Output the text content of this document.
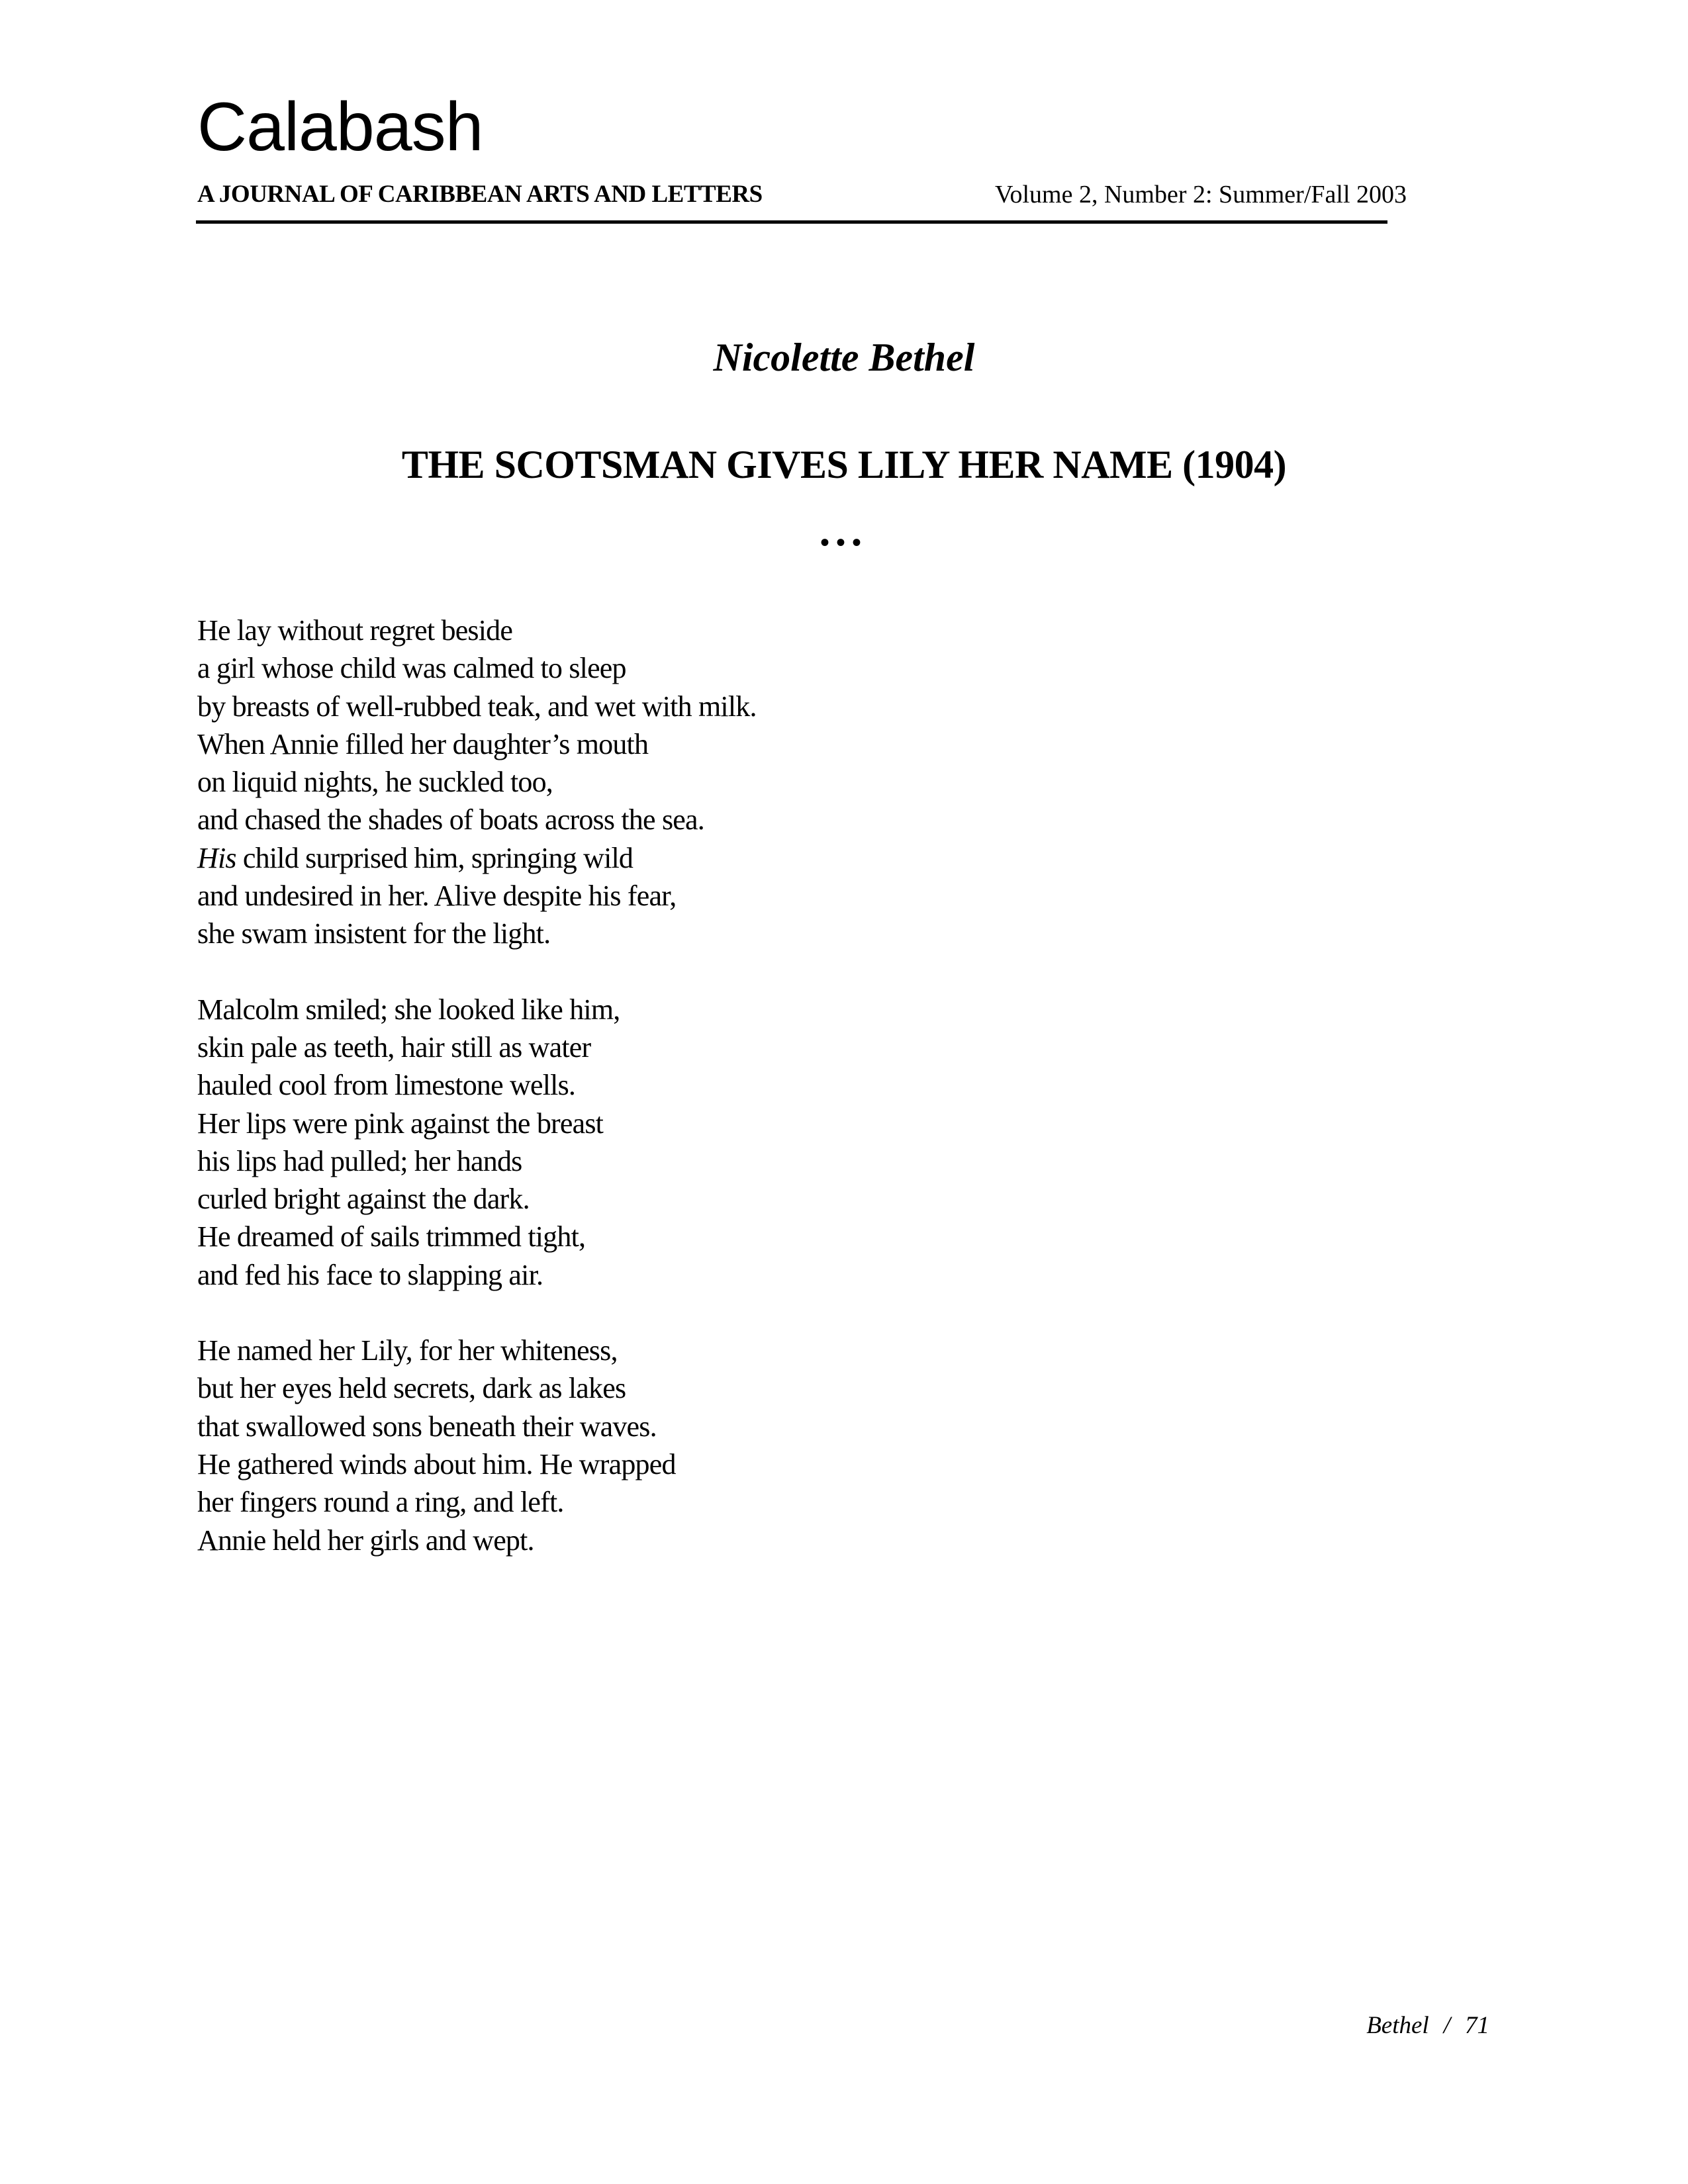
Calabash
A JOURNAL OF CARIBBEAN ARTS AND LETTERS	Volume 2, Number 2: Summer/Fall 2003
Nicolette Bethel
THE SCOTSMAN GIVES LILY HER NAME (1904)
•••
He lay without regret beside
a girl whose child was calmed to sleep
by breasts of well-rubbed teak, and wet with milk.
When Annie filled her daughter’s mouth
on liquid nights, he suckled too,
and chased the shades of boats across the sea.
His child surprised him, springing wild
and undesired in her. Alive despite his fear,
she swam insistent for the light.
Malcolm smiled; she looked like him,
skin pale as teeth, hair still as water
hauled cool from limestone wells.
Her lips were pink against the breast
his lips had pulled; her hands
curled bright against the dark.
He dreamed of sails trimmed tight,
and fed his face to slapping air.
He named her Lily, for her whiteness,
but her eyes held secrets, dark as lakes
that swallowed sons beneath their waves.
He gathered winds about him. He wrapped
her fingers round a ring, and left.
Annie held her girls and wept.
Bethel / 71
